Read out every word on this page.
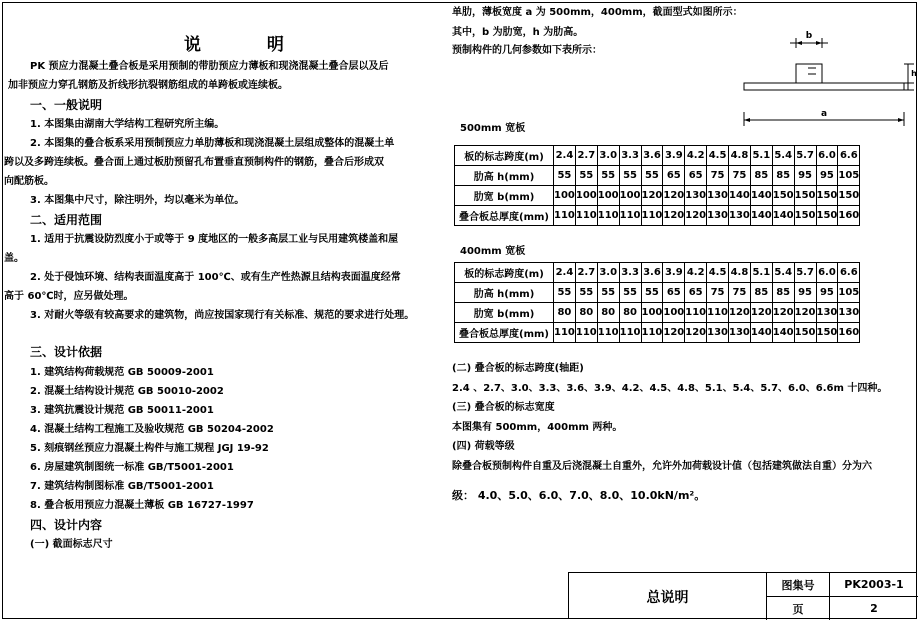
说 明
PK 预应力混凝土叠合板是采用预制的带肋预应力薄板和现浇混凝土叠合层以及后
加非预应力穿孔钢筋及折线形抗裂钢筋组成的单跨板或连续板。
一、一般说明
1. 本图集由湖南大学结构工程研究所主编。
2. 本图集的叠合板系采用预制预应力单肋薄板和现浇混凝土层组成整体的混凝土单
跨以及多跨连续板。叠合面上通过板肋预留孔布置垂直预制构件的钢筋，叠合后形成双
向配筋板。
3. 本图集中尺寸，除注明外，均以毫米为单位。
二、适用范围
1. 适用于抗震设防烈度小于或等于 9 度地区的一般多高层工业与民用建筑楼盖和屋
盖。
2. 处于侵蚀环境、结构表面温度高于 100℃、或有生产性热源且结构表面温度经常
高于 60℃时，应另做处理。
3. 对耐火等级有较高要求的建筑物，尚应按国家现行有关标准、规范的要求进行处理。
三、设计依据
1. 建筑结构荷载规范 GB 50009-2001
2. 混凝土结构设计规范 GB 50010-2002
3. 建筑抗震设计规范 GB 50011-2001
4. 混凝土结构工程施工及验收规范 GB 50204-2002
5. 刻痕钢丝预应力混凝土构件与施工规程 JGJ 19-92
6. 房屋建筑制图统一标准 GB/T5001-2001
7. 建筑结构制图标准 GB/T5001-2001
8. 叠合板用预应力混凝土薄板 GB 16727-1997
四、设计内容
(一) 截面标志尺寸
单肋，薄板宽度 a 为 500mm，400mm，截面型式如图所示：
其中，b 为肋宽，h 为肋高。
预制构件的几何参数如下表所示：
b
h
a
500mm 宽板
板的标志跨度(m)	2.4	2.7	3.0	3.3	3.6	3.9	4.2	4.5	4.8	5.1	5.4	5.7	6.0	6.6
肋高 h(mm)	55	55	55	55	55	65	65	75	75	85	85	95	95	105
肋宽 b(mm)	100	100	100	100	120	120	130	130	140	140	150	150	150	150
叠合板总厚度(mm)	110	110	110	110	110	120	120	130	130	140	140	150	150	160
400mm 宽板
板的标志跨度(m)	2.4	2.7	3.0	3.3	3.6	3.9	4.2	4.5	4.8	5.1	5.4	5.7	6.0	6.6
肋高 h(mm)	55	55	55	55	55	65	65	75	75	85	85	95	95	105
肋宽 b(mm)	80	80	80	80	100	100	110	110	120	120	120	120	130	130
叠合板总厚度(mm)	110	110	110	110	110	120	120	130	130	140	140	150	150	160
(二) 叠合板的标志跨度(轴距)
2.4 、2.7、3.0、3.3、3.6、3.9、4.2、4.5、4.8、5.1、5.4、5.7、6.0、6.6m 十四种。
(三) 叠合板的标志宽度
本图集有 500mm，400mm 两种。
(四) 荷载等级
除叠合板预制构件自重及后浇混凝土自重外，允许外加荷载设计值（包括建筑做法自重）分为六
级： 4.0、5.0、6.0、7.0、8.0、10.0kN/m²。
总说明
图集号	PK2003-1
页	2
